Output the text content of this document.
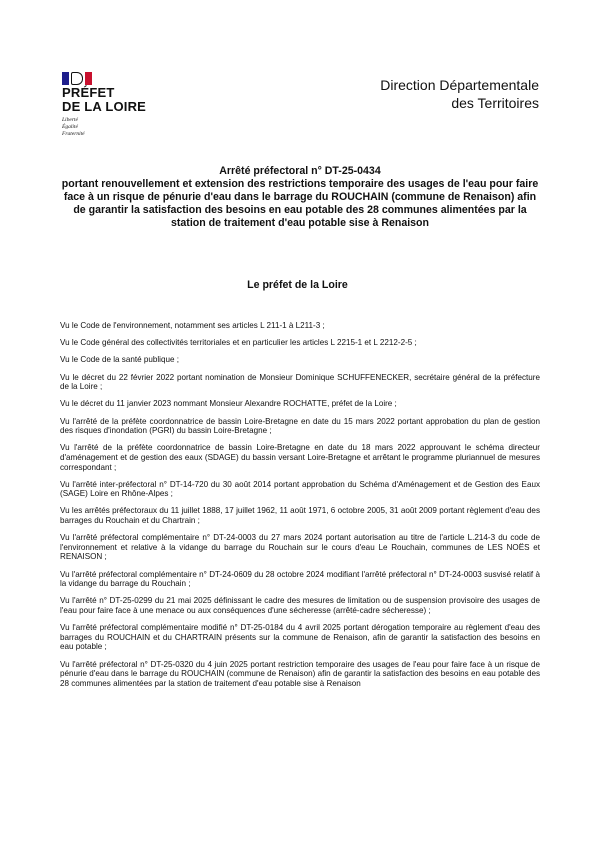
PRÉFET
DE LA LOIRE
Liberté
Égalité
Fraternité
Direction Départementale
des Territoires
Arrêté préfectoral n° DT-25-0434
portant renouvellement et extension des restrictions temporaire des usages de l'eau pour faire face à un risque de pénurie d'eau dans le barrage du ROUCHAIN (commune de Renaison) afin de garantir la satisfaction des besoins en eau potable des 28 communes alimentées par la station de traitement d'eau potable sise à Renaison
Le préfet de la Loire

Vu le Code de l'environnement, notamment ses articles L 211-1 à L211-3 ;

Vu le Code général des collectivités territoriales et en particulier les articles L 2215-1 et L 2212-2-5 ;

Vu le Code de la santé publique ;

Vu le décret du 22 février 2022 portant nomination de Monsieur Dominique SCHUFFENECKER, secrétaire général de la préfecture de la Loire ;

Vu le décret du 11 janvier 2023 nommant Monsieur Alexandre ROCHATTE, préfet de la Loire ;

Vu l'arrêté de la préfète coordonnatrice de bassin Loire-Bretagne en date du 15 mars 2022 portant approbation du plan de gestion des risques d'inondation (PGRI) du bassin Loire-Bretagne ;

Vu l'arrêté de la préfète coordonnatrice de bassin Loire-Bretagne en date du 18 mars 2022 approuvant le schéma directeur d'aménagement et de gestion des eaux (SDAGE) du bassin versant Loire-Bretagne et arrêtant le programme pluriannuel de mesures correspondant ;

Vu l'arrêté inter-préfectoral n° DT-14-720 du 30 août 2014 portant approbation du Schéma d'Aménagement et de Gestion des Eaux (SAGE) Loire en Rhône-Alpes ;

Vu les arrêtés préfectoraux du 11 juillet 1888, 17 juillet 1962, 11 août 1971, 6 octobre 2005, 31 août 2009 portant règlement d'eau des barrages du Rouchain et du Chartrain ;

Vu l'arrêté préfectoral complémentaire n° DT-24-0003 du 27 mars 2024 portant autorisation au titre de l'article L.214-3 du code de l'environnement et relative à la vidange du barrage du Rouchain sur le cours d'eau Le Rouchain, communes de LES NOËS et RENAISON ;

Vu l'arrêté préfectoral complémentaire n° DT-24-0609 du 28 octobre 2024 modifiant l'arrêté préfectoral n° DT-24-0003 susvisé relatif à la vidange du barrage du Rouchain ;

Vu l'arrêté n° DT-25-0299 du 21 mai 2025 définissant le cadre des mesures de limitation ou de suspension provisoire des usages de l'eau pour faire face à une menace ou aux conséquences d'une sécheresse (arrêté-cadre sécheresse) ;

Vu l'arrêté préfectoral complémentaire modifié n° DT-25-0184 du 4 avril 2025 portant dérogation temporaire au règlement d'eau des barrages du ROUCHAIN et du CHARTRAIN présents sur la commune de Renaison, afin de garantir la satisfaction des besoins en eau potable ;

Vu l'arrêté préfectoral n° DT-25-0320 du 4 juin 2025 portant restriction temporaire des usages de l'eau pour faire face à un risque de pénurie d'eau dans le barrage du ROUCHAIN (commune de Renaison) afin de garantir la satisfaction des besoins en eau potable des 28 communes alimentées par la station de traitement d'eau potable sise à Renaison
